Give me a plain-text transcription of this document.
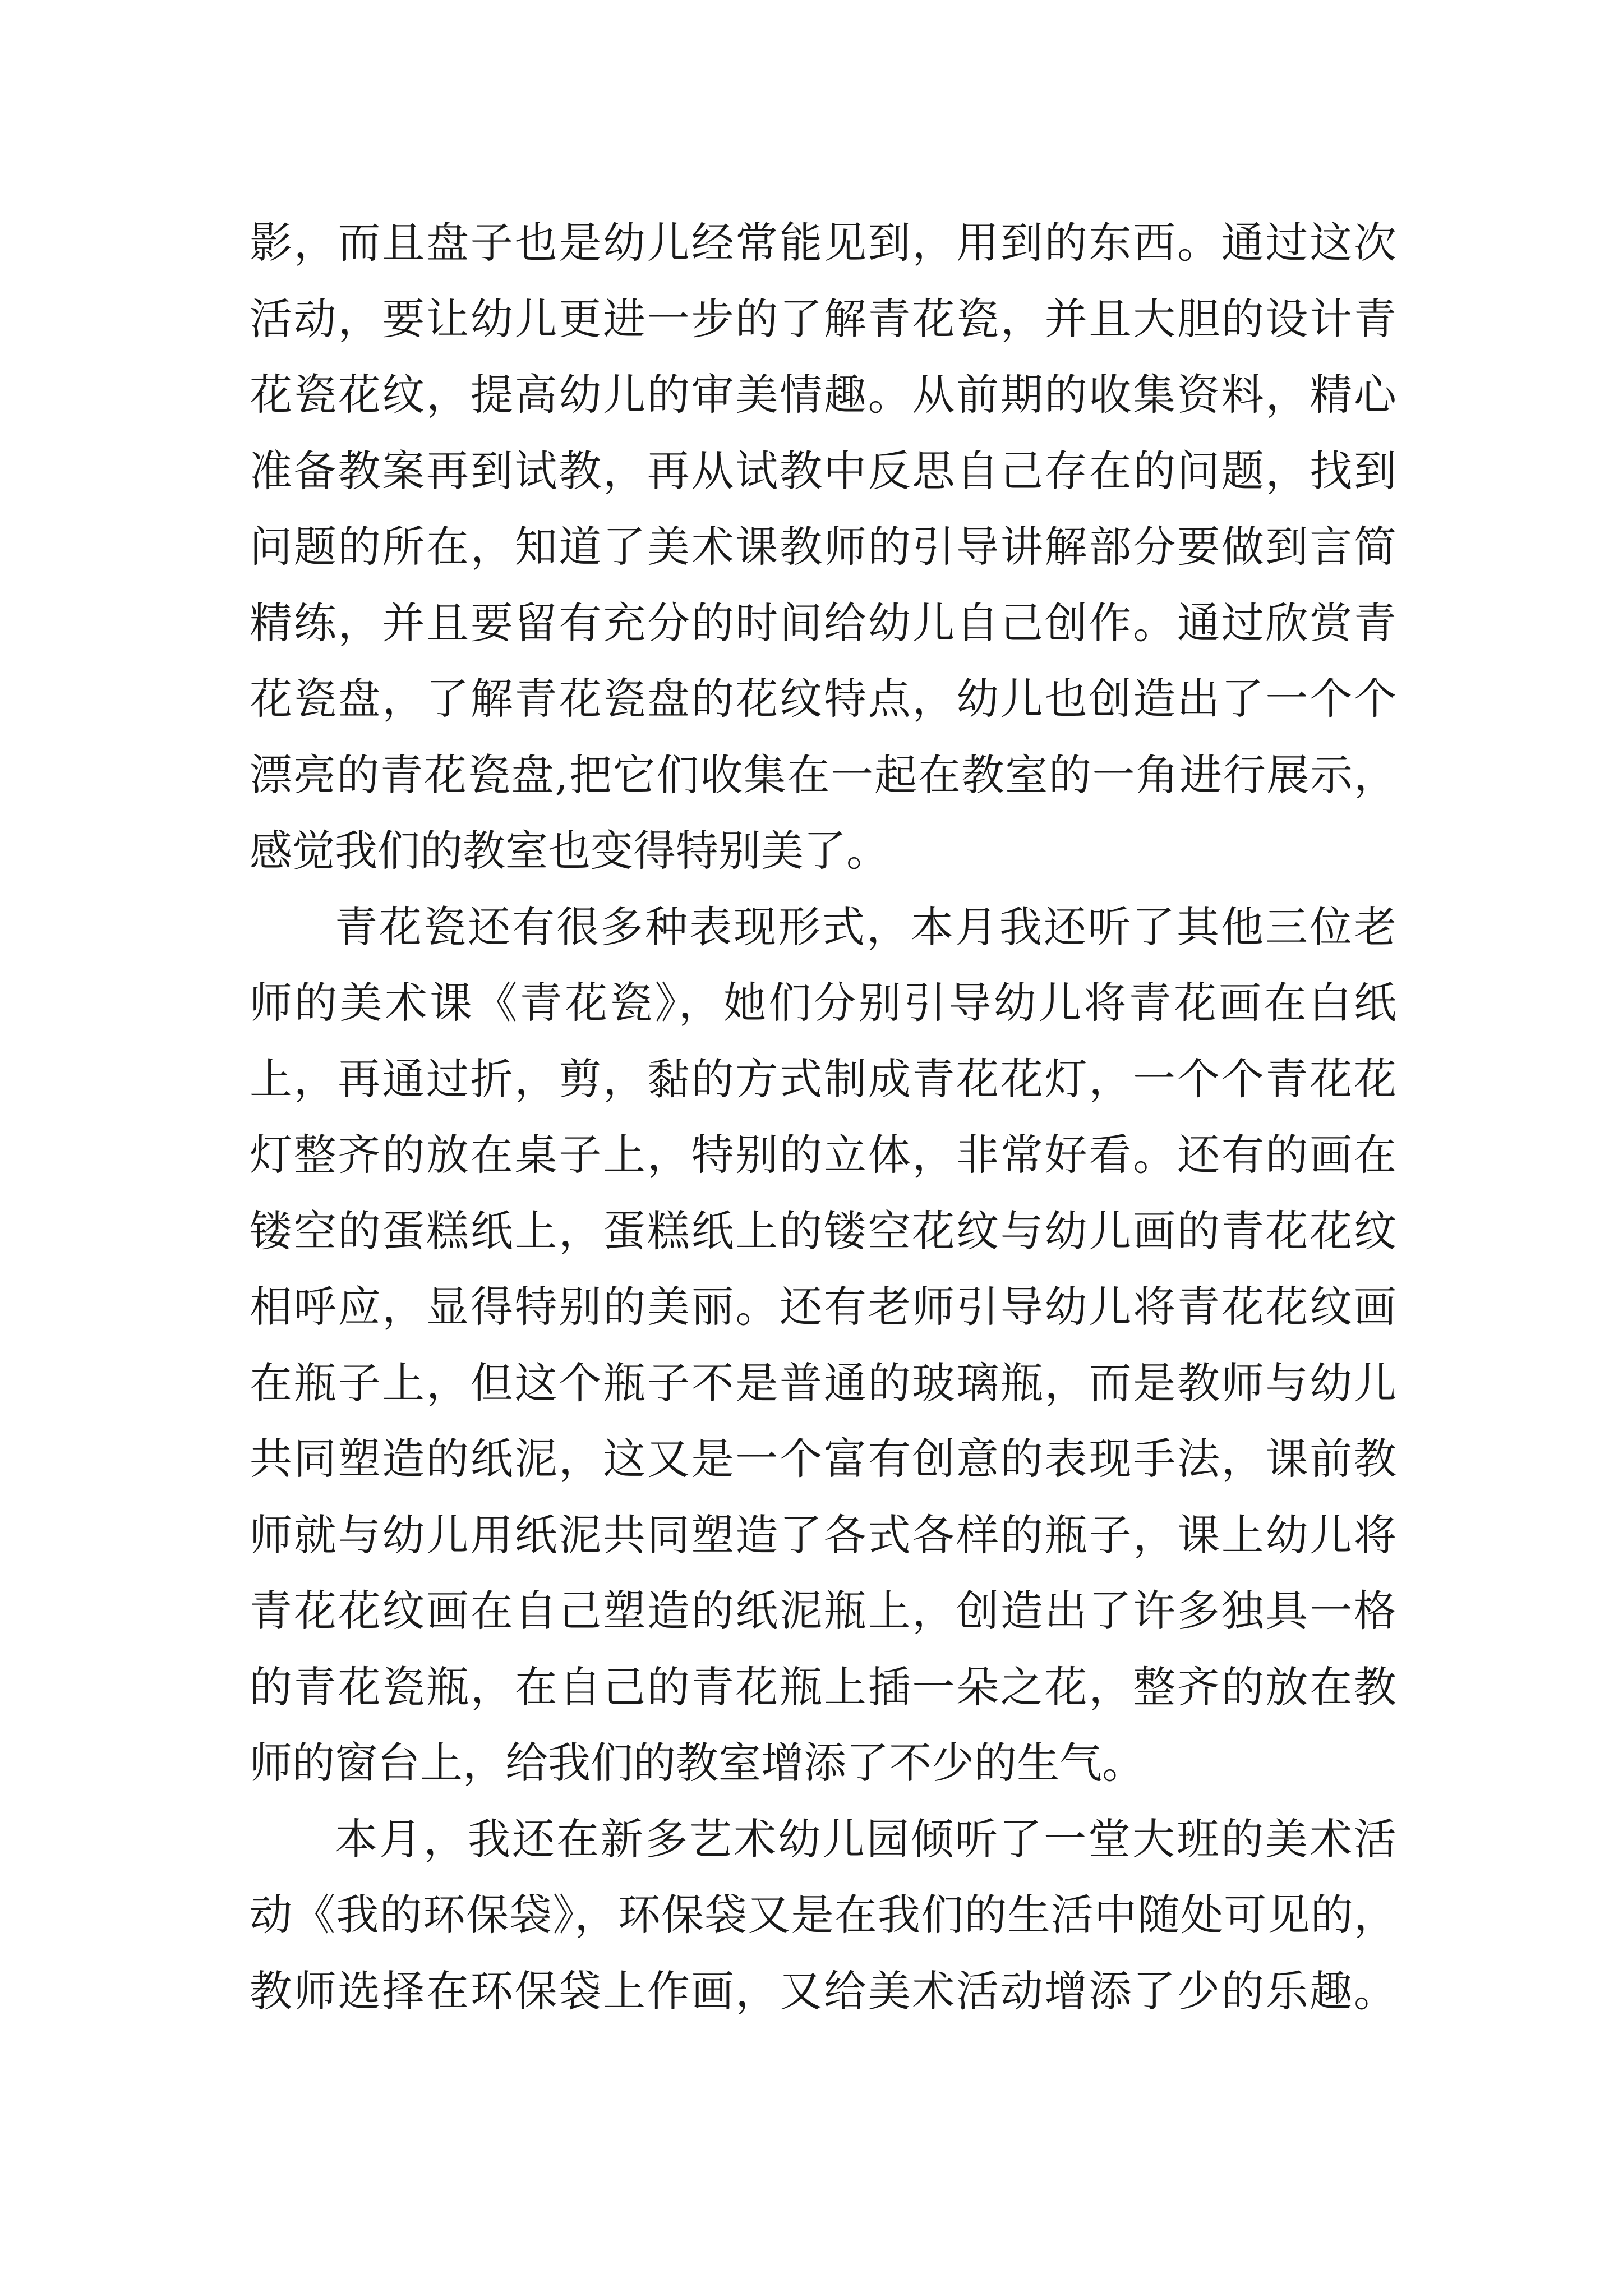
影，而且盘子也是幼儿经常能见到，用到的东西。通过这次
活动，要让幼儿更进一步的了解青花瓷，并且大胆的设计青
花瓷花纹，提高幼儿的审美情趣。从前期的收集资料，精心
准备教案再到试教，再从试教中反思自己存在的问题，找到
问题的所在，知道了美术课教师的引导讲解部分要做到言简
精练，并且要留有充分的时间给幼儿自己创作。通过欣赏青
花瓷盘，了解青花瓷盘的花纹特点，幼儿也创造出了一个个
漂亮的青花瓷盘,把它们收集在一起在教室的一角进行展示，
感觉我们的教室也变得特别美了。
青花瓷还有很多种表现形式，本月我还听了其他三位老
师的美术课《青花瓷》，她们分别引导幼儿将青花画在白纸
上，再通过折，剪，黏的方式制成青花花灯，一个个青花花
灯整齐的放在桌子上，特别的立体，非常好看。还有的画在
镂空的蛋糕纸上，蛋糕纸上的镂空花纹与幼儿画的青花花纹
相呼应，显得特别的美丽。还有老师引导幼儿将青花花纹画
在瓶子上，但这个瓶子不是普通的玻璃瓶，而是教师与幼儿
共同塑造的纸泥，这又是一个富有创意的表现手法，课前教
师就与幼儿用纸泥共同塑造了各式各样的瓶子，课上幼儿将
青花花纹画在自己塑造的纸泥瓶上，创造出了许多独具一格
的青花瓷瓶，在自己的青花瓶上插一朵之花，整齐的放在教
师的窗台上，给我们的教室增添了不少的生气。
本月，我还在新多艺术幼儿园倾听了一堂大班的美术活
动《我的环保袋》，环保袋又是在我们的生活中随处可见的，
教师选择在环保袋上作画，又给美术活动增添了少的乐趣。
